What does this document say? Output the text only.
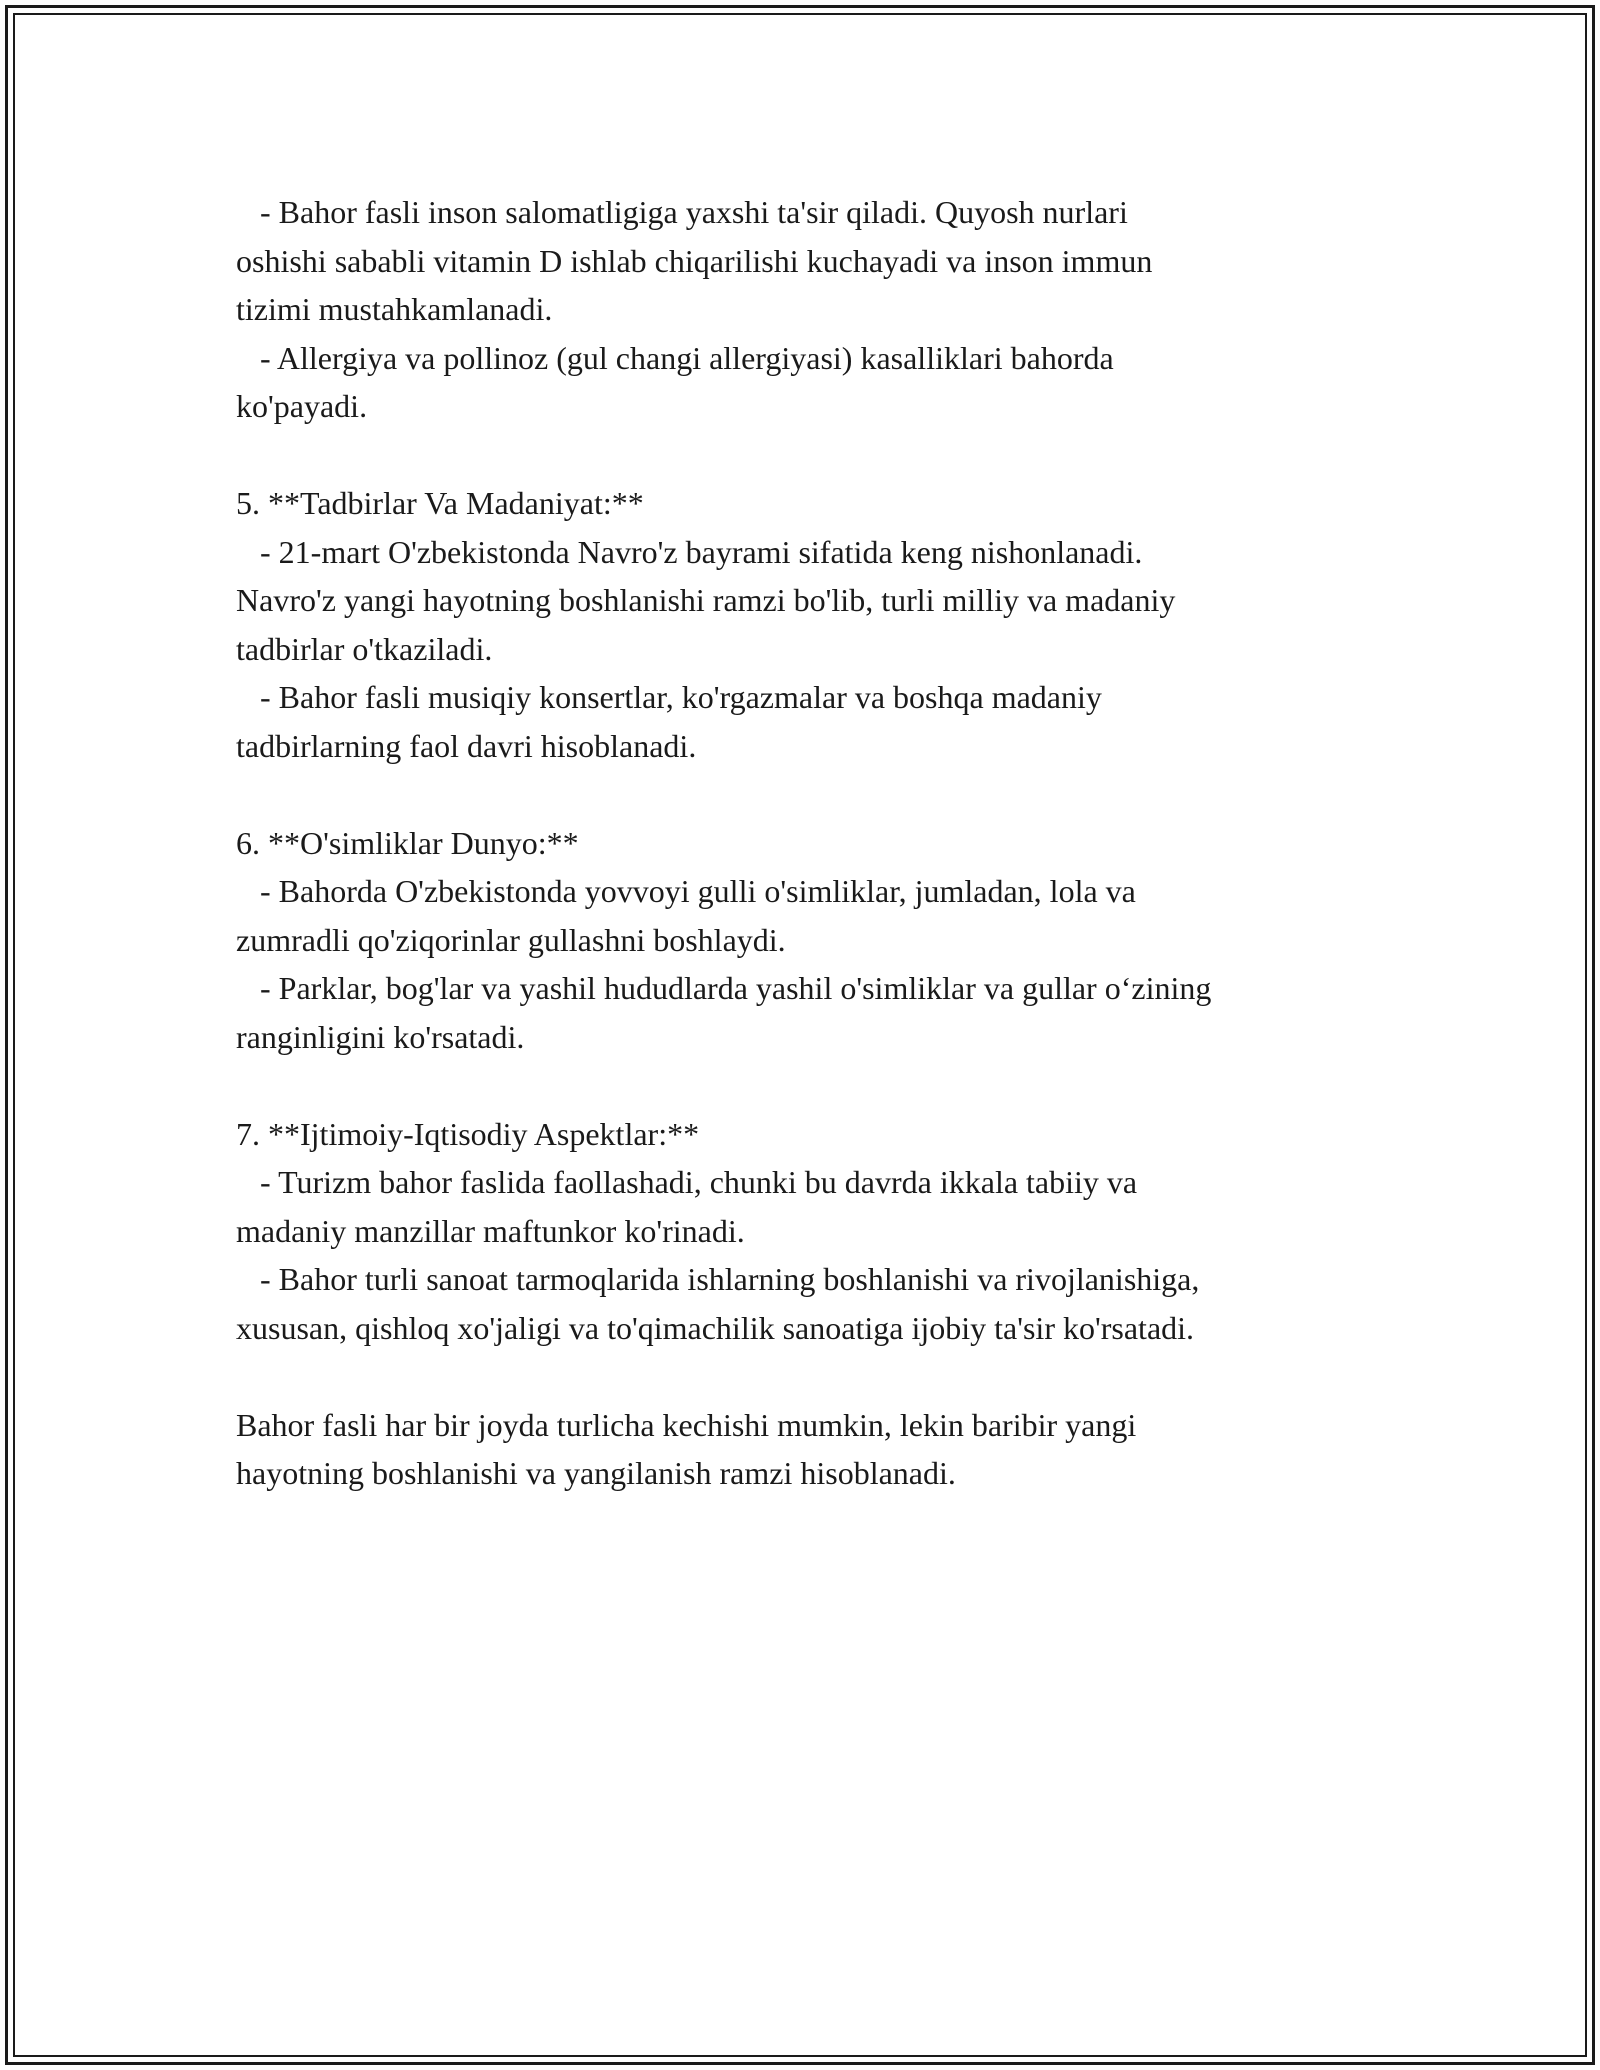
- Bahor fasli inson salomatligiga yaxshi ta'sir qiladi. Quyosh nurlari
oshishi sababli vitamin D ishlab chiqarilishi kuchayadi va inson immun
tizimi mustahkamlanadi.
- Allergiya va pollinoz (gul changi allergiyasi) kasalliklari bahorda
ko'payadi.
5. **Tadbirlar Va Madaniyat:**
- 21-mart O'zbekistonda Navro'z bayrami sifatida keng nishonlanadi.
Navro'z yangi hayotning boshlanishi ramzi bo'lib, turli milliy va madaniy
tadbirlar o'tkaziladi.
- Bahor fasli musiqiy konsertlar, ko'rgazmalar va boshqa madaniy
tadbirlarning faol davri hisoblanadi.
6. **O'simliklar Dunyo:**
- Bahorda O'zbekistonda yovvoyi gulli o'simliklar, jumladan, lola va
zumradli qo'ziqorinlar gullashni boshlaydi.
- Parklar, bog'lar va yashil hududlarda yashil o'simliklar va gullar o‘zining
ranginligini ko'rsatadi.
7. **Ijtimoiy-Iqtisodiy Aspektlar:**
- Turizm bahor faslida faollashadi, chunki bu davrda ikkala tabiiy va
madaniy manzillar maftunkor ko'rinadi.
- Bahor turli sanoat tarmoqlarida ishlarning boshlanishi va rivojlanishiga,
xususan, qishloq xo'jaligi va to'qimachilik sanoatiga ijobiy ta'sir ko'rsatadi.
Bahor fasli har bir joyda turlicha kechishi mumkin, lekin baribir yangi
hayotning boshlanishi va yangilanish ramzi hisoblanadi.
